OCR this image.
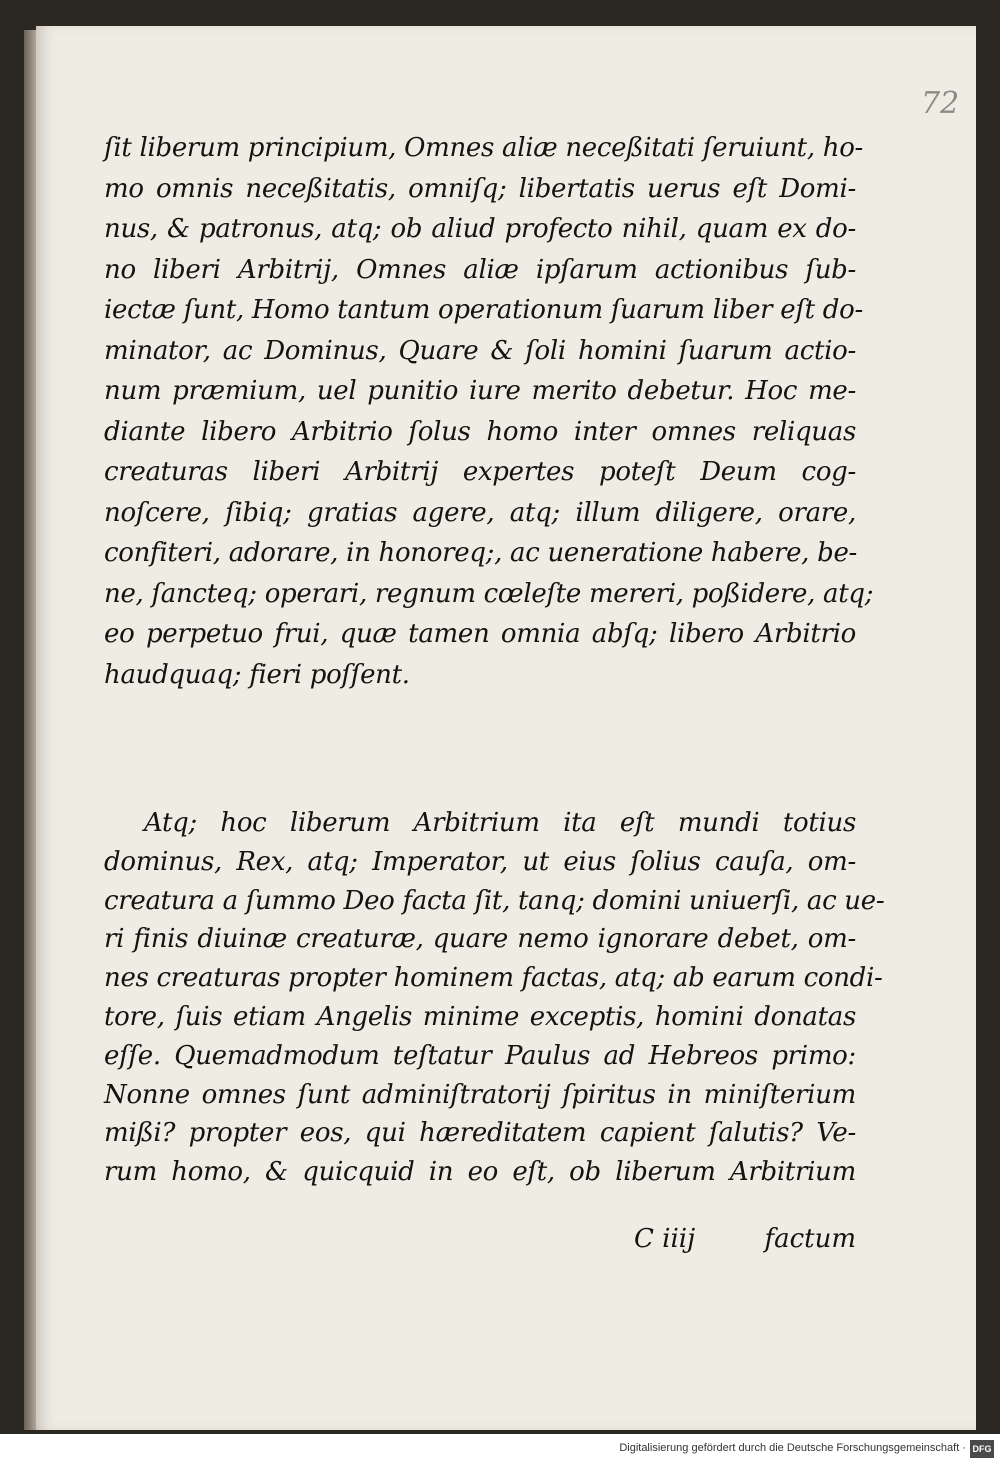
72
ſit liberum principium, Omnes aliæ neceßitati ſeruiunt, ho-
mo omnis neceßitatis, omniſq; libertatis uerus eſt Domi-
nus, & patronus, atq; ob aliud profecto nihil, quam ex do-
no liberi Arbitrij, Omnes aliæ ipſarum actionibus ſub-
iectæ ſunt, Homo tantum operationum ſuarum liber eſt do-
minator, ac Dominus, Quare & ſoli homini ſuarum actio-
num præmium, uel punitio iure merito debetur. Hoc me-
diante libero Arbitrio ſolus homo inter omnes reliquas
creaturas liberi Arbitrij expertes poteſt Deum cog-
noſcere, ſibiq; gratias agere, atq; illum diligere, orare,
confiteri, adorare, in honoreq;, ac ueneratione habere, be-
ne, ſancteq; operari, regnum cœleſte mereri, poßidere, atq;
eo perpetuo frui, quæ tamen omnia abſq; libero Arbitrio
haudquaq; fieri poſſent.
Atq; hoc liberum Arbitrium ita eſt mundi totius
dominus, Rex, atq; Imperator, ut eius ſolius cauſa, om-
creatura a ſummo Deo facta ſit, tanq; domini uniuerſi, ac ue-
ri finis diuinæ creaturæ, quare nemo ignorare debet, om-
nes creaturas propter hominem factas, atq; ab earum condi-
tore, ſuis etiam Angelis minime exceptis, homini donatas
eſſe. Quemadmodum teſtatur Paulus ad Hebreos primo:
Nonne omnes ſunt adminiſtratorij ſpiritus in miniſterium
mißi? propter eos, qui hæreditatem capient ſalutis? Ve-
rum homo, & quicquid in eo eſt, ob liberum Arbitrium
C iiij	factum
Digitalisierung gefördert durch die Deutsche Forschungsgemeinschaft · DFG
